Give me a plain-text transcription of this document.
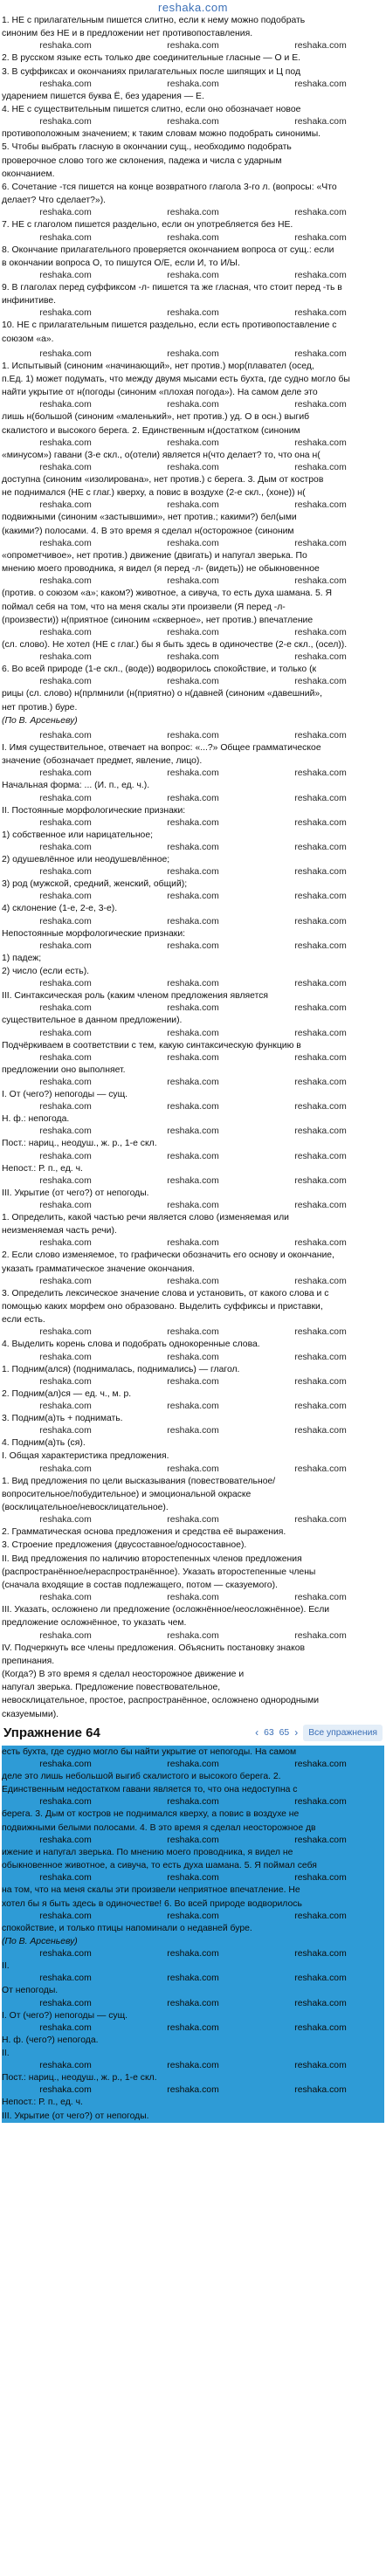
reshaka.com

1. НЕ с прилагательным пишется слитно, если к нему можно подобрать

синоним без НЕ и в предложении нет противопоставления.

reshaka.com	reshaka.com	reshaka.com

2. В русском языке есть только две соединительные гласные — О и Е.

3. В суффиксах и окончаниях прилагательных после шипящих и Ц под

reshaka.com	reshaka.com	reshaka.com

ударением пишется буква Ё, без ударения — Е.

4. НЕ с существительным пишется слитно, если оно обозначает новое

reshaka.com	reshaka.com	reshaka.com

противоположным значением; к таким словам можно подобрать синонимы.

5. Чтобы выбрать гласную в окончании сущ., необходимо подобрать

проверочное слово того же склонения, падежа и числа с ударным

окончанием.

6. Сочетание -тся пишется на конце возвратного глагола 3-го л. (вопросы: «Что

делает? Что сделает?»).

reshaka.com	reshaka.com	reshaka.com

7. НЕ с глаголом пишется раздельно, если он употребляется без НЕ.

reshaka.com	reshaka.com	reshaka.com

8. Окончание прилагательного проверяется окончанием вопроса от сущ.: если

в окончании вопроса О, то пишутся О/Е, если И, то И/Ы.

reshaka.com	reshaka.com	reshaka.com

9. В глаголах перед суффиксом -л- пишется та же гласная, что стоит перед -ть в

инфинитиве.

reshaka.com	reshaka.com	reshaka.com

10. НЕ с прилагательным пишется раздельно, если есть противопоставление с

союзом «а».

reshaka.com	reshaka.com	reshaka.com

1. Испытывый (синоним «начинающий», нет против.) мор(плавател (осед,

п.Ед. 1) может подумать, что между двумя мысами есть бухта, где судно могло бы

найти укрытие от н(погоды (синоним «плохая погода»). На самом деле это

reshaka.com	reshaka.com	reshaka.com

лишь н(большой (синоним «маленький», нет против.) уд. О в осн.) выгиб

скалистого и высокого берега. 2. Единственным н(достатком (синоним

reshaka.com	reshaka.com	reshaka.com

«минусом») гавани (3-е скл., о(отели) является н(что делает? то, что она н(

reshaka.com	reshaka.com	reshaka.com

доступна (синоним «изолирована», нет против.) с берега. 3. Дым от костров

не поднимался (НЕ с глаг.) кверху, а повис в воздухе (2-е скл., (хоне)) н(

reshaka.com	reshaka.com	reshaka.com

подвижными (синоним «застывшими», нет против.; какими?) бел(ыми

(какими?) полосами. 4. В это время я сделал н(осторожное (синоним

reshaka.com	reshaka.com	reshaka.com

«опрометчивое», нет против.) движение (двигать) и напугал зверька. По

мнению моего проводника, я видел (я перед -л- (видеть)) не обыкновенное

reshaka.com	reshaka.com	reshaka.com

(против. о союзом «а»; каком?) животное, а сивуча, то есть духа шамана. 5. Я

поймал себя на том, что на меня скалы эти произвели (Я перед -л-

(произвести)) н(приятное (синоним «скверное», нет против.) впечатление

reshaka.com	reshaka.com	reshaka.com

(сл. слово). Не хотел (НЕ с глаг.) бы я быть здесь в одиночестве (2-е скл., (осел)).

reshaka.com	reshaka.com	reshaka.com

6. Во всей природе (1-е скл., (воде)) водворилось спокойствие, и только (к

reshaka.com	reshaka.com	reshaka.com

рицы (сл. слово) н(прлмнили (н(приятно) о н(давней (синоним «давешний»,

нет против.) буре.

(По В. Арсеньеву)

reshaka.com	reshaka.com	reshaka.com

I. Имя существительное, отвечает на вопрос: «...?» Общее грамматическое

значение (обозначает предмет, явление, лицо).

reshaka.com	reshaka.com	reshaka.com

Начальная форма: ... (И. п., ед. ч.).

reshaka.com	reshaka.com	reshaka.com

II. Постоянные морфологические признаки:

reshaka.com	reshaka.com	reshaka.com

1) собственное или нарицательное;

reshaka.com	reshaka.com	reshaka.com

2) одушевлённое или неодушевлённое;

reshaka.com	reshaka.com	reshaka.com

3) род (мужской, средний, женский, общий);

reshaka.com	reshaka.com	reshaka.com

4) склонение (1-е, 2-е, 3-е).

reshaka.com	reshaka.com	reshaka.com

Непостоянные морфологические признаки:

reshaka.com	reshaka.com	reshaka.com

1) падеж;

2) число (если есть).

reshaka.com	reshaka.com	reshaka.com

III. Синтаксическая роль (каким членом предложения является

reshaka.com	reshaka.com	reshaka.com

существительное в данном предложении).

reshaka.com	reshaka.com	reshaka.com

Подчёркиваем в соответствии с тем, какую синтаксическую функцию в

reshaka.com	reshaka.com	reshaka.com

предложении оно выполняет.

reshaka.com	reshaka.com	reshaka.com

I. От (чего?) непогоды — сущ.

reshaka.com	reshaka.com	reshaka.com

Н. ф.: непогода.

reshaka.com	reshaka.com	reshaka.com

Пост.: нариц., неодуш., ж. р., 1-е скл.

reshaka.com	reshaka.com	reshaka.com

Непост.: Р. п., ед. ч.

reshaka.com	reshaka.com	reshaka.com

III. Укрытие (от чего?) от непогоды.

reshaka.com	reshaka.com	reshaka.com

1. Определить, какой частью речи является слово (изменяемая или

неизменяемая часть речи).

reshaka.com	reshaka.com	reshaka.com

2. Если слово изменяемое, то графически обозначить его основу и окончание,

указать грамматическое значение окончания.

reshaka.com	reshaka.com	reshaka.com

3. Определить лексическое значение слова и установить, от какого слова и с

помощью каких морфем оно образовано. Выделить суффиксы и приставки,

если есть.

reshaka.com	reshaka.com	reshaka.com

4. Выделить корень слова и подобрать однокоренные слова.

reshaka.com	reshaka.com	reshaka.com

1. Подним(ался) (поднималась, поднимались) — глагол.

reshaka.com	reshaka.com	reshaka.com

2. Подним(ал)ся — ед. ч., м. р.

reshaka.com	reshaka.com	reshaka.com

3. Подним(а)ть + поднимать.

reshaka.com	reshaka.com	reshaka.com

4. Подним(а)ть (ся).

I. Общая характеристика предложения.

reshaka.com	reshaka.com	reshaka.com

1. Вид предложения по цели высказывания (повествовательное/

вопросительное/побудительное) и эмоциональной окраске

(восклицательное/невосклицательное).

reshaka.com	reshaka.com	reshaka.com

2. Грамматическая основа предложения и средства её выражения.

3. Строение предложения (двусоставное/односоставное).

II. Вид предложения по наличию второстепенных членов предложения

(распространённое/нераспространённое). Указать второстепенные члены

(сначала входящие в состав подлежащего, потом — сказуемого).

reshaka.com	reshaka.com	reshaka.com

III. Указать, осложнено ли предложение (осложнённое/неосложнённое). Если

предложение осложнённое, то указать чем.

reshaka.com	reshaka.com	reshaka.com

IV. Подчеркнуть все члены предложения. Объяснить постановку знаков

препинания.

(Когда?) В это время я сделал неосторожное движение и

напугал зверька. Предложение повествовательное,

невосклицательное, простое, распространённое, осложнено однородными

сказуемыми).

Упражнение 64	‹ 63 65 ›	Все упражнения

есть бухта, где судно могло бы найти укрытие от непогоды. На самом

reshaka.com	reshaka.com	reshaka.com

деле это лишь небольшой выгиб скалистого и высокого берега. 2.

Единственным недостатком гавани является то, что она недоступна с

reshaka.com	reshaka.com	reshaka.com

берега. 3. Дым от костров не поднимался кверху, а повис в воздухе не

подвижными белыми полосами. 4. В это время я сделал неосторожное дв

reshaka.com	reshaka.com	reshaka.com

ижение и напугал зверька. По мнению моего проводника, я видел не

обыкновенное животное, а сивуча, то есть духа шамана. 5. Я поймал себя

reshaka.com	reshaka.com	reshaka.com

на том, что на меня скалы эти произвели неприятное впечатление. Не

хотел бы я быть здесь в одиночестве! 6. Во всей природе водворилось

reshaka.com	reshaka.com	reshaka.com

спокойствие, и только птицы напоминали о недавней буре.

(По В. Арсеньеву)

reshaka.com	reshaka.com	reshaka.com

II.

reshaka.com	reshaka.com	reshaka.com

От непогоды.

reshaka.com	reshaka.com	reshaka.com

I. От (чего?) непогоды — сущ.

reshaka.com	reshaka.com	reshaka.com

Н. ф. (чего?) непогода.

II.

reshaka.com	reshaka.com	reshaka.com

Пост.: нариц., неодуш., ж. р., 1-е скл.

reshaka.com	reshaka.com	reshaka.com

Непост.: Р. п., ед. ч.

III. Укрытие (от чего?) от непогоды.
